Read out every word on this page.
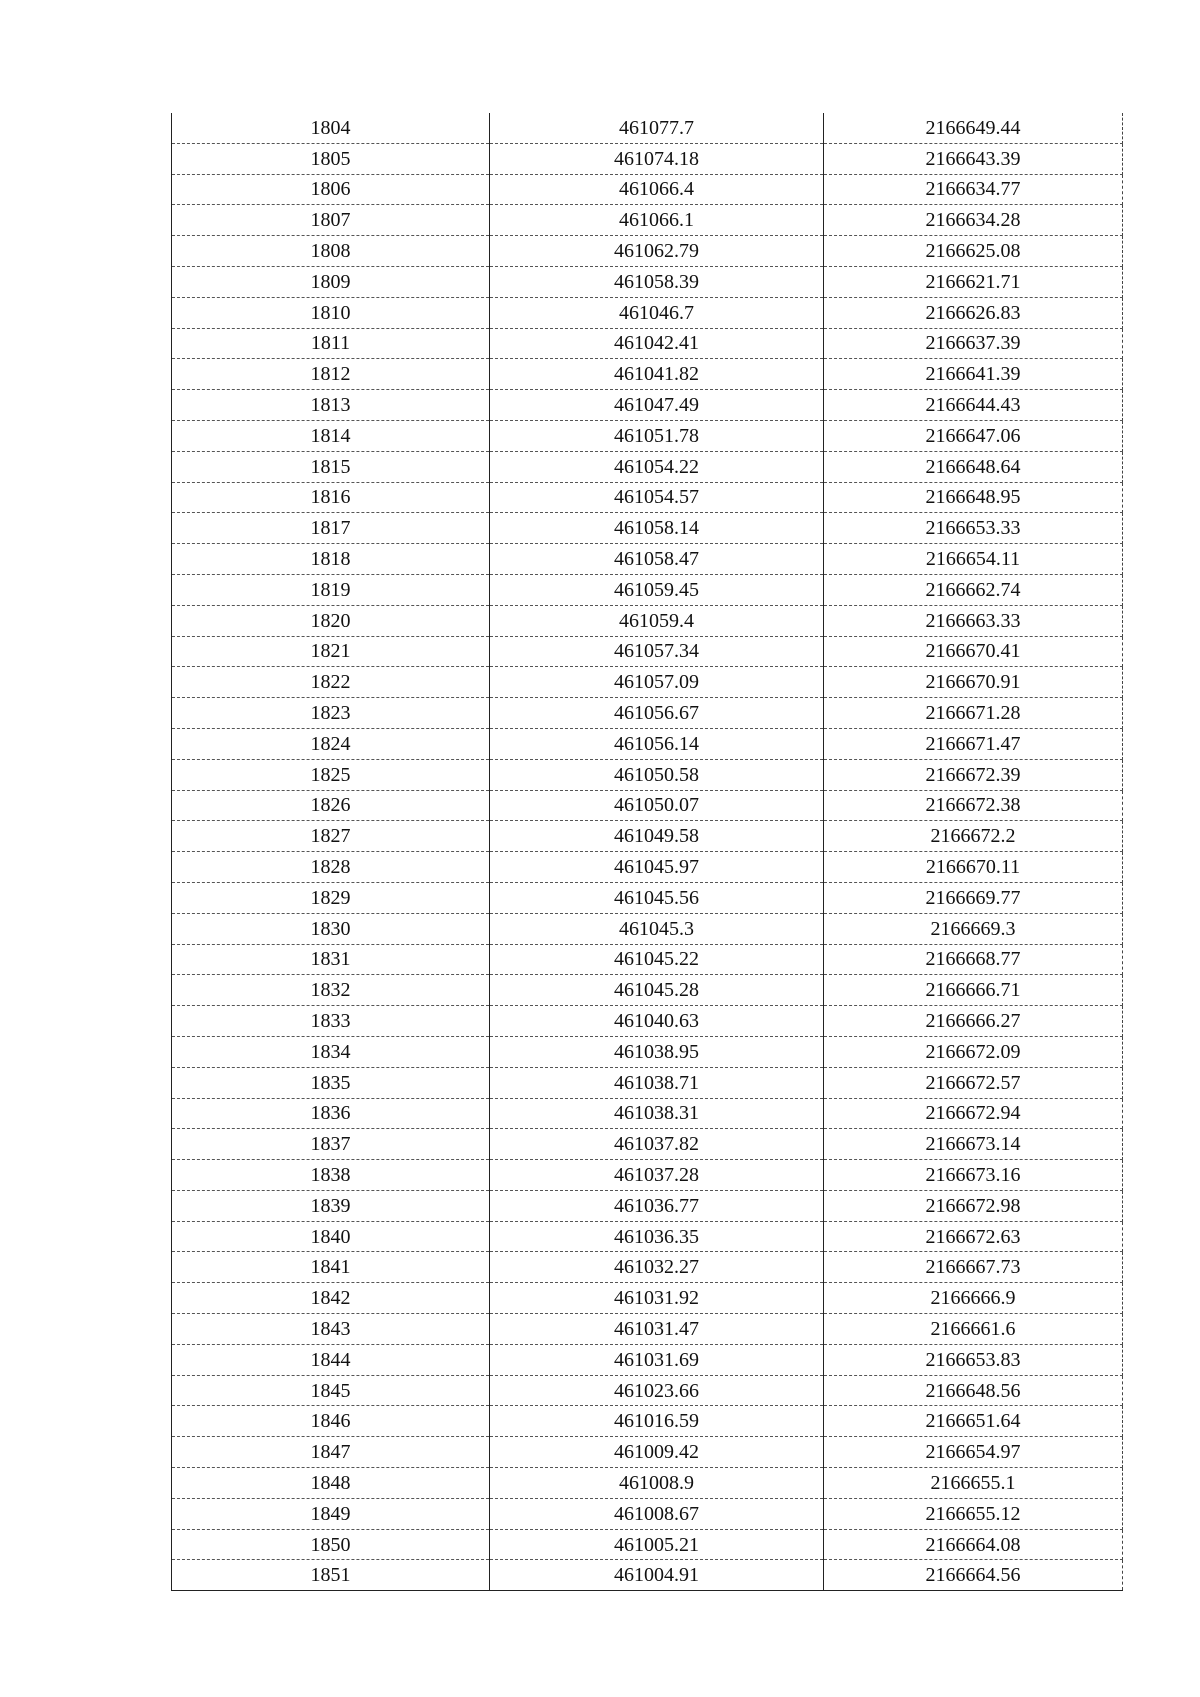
1804	461077.7	2166649.44
1805	461074.18	2166643.39
1806	461066.4	2166634.77
1807	461066.1	2166634.28
1808	461062.79	2166625.08
1809	461058.39	2166621.71
1810	461046.7	2166626.83
1811	461042.41	2166637.39
1812	461041.82	2166641.39
1813	461047.49	2166644.43
1814	461051.78	2166647.06
1815	461054.22	2166648.64
1816	461054.57	2166648.95
1817	461058.14	2166653.33
1818	461058.47	2166654.11
1819	461059.45	2166662.74
1820	461059.4	2166663.33
1821	461057.34	2166670.41
1822	461057.09	2166670.91
1823	461056.67	2166671.28
1824	461056.14	2166671.47
1825	461050.58	2166672.39
1826	461050.07	2166672.38
1827	461049.58	2166672.2
1828	461045.97	2166670.11
1829	461045.56	2166669.77
1830	461045.3	2166669.3
1831	461045.22	2166668.77
1832	461045.28	2166666.71
1833	461040.63	2166666.27
1834	461038.95	2166672.09
1835	461038.71	2166672.57
1836	461038.31	2166672.94
1837	461037.82	2166673.14
1838	461037.28	2166673.16
1839	461036.77	2166672.98
1840	461036.35	2166672.63
1841	461032.27	2166667.73
1842	461031.92	2166666.9
1843	461031.47	2166661.6
1844	461031.69	2166653.83
1845	461023.66	2166648.56
1846	461016.59	2166651.64
1847	461009.42	2166654.97
1848	461008.9	2166655.1
1849	461008.67	2166655.12
1850	461005.21	2166664.08
1851	461004.91	2166664.56
